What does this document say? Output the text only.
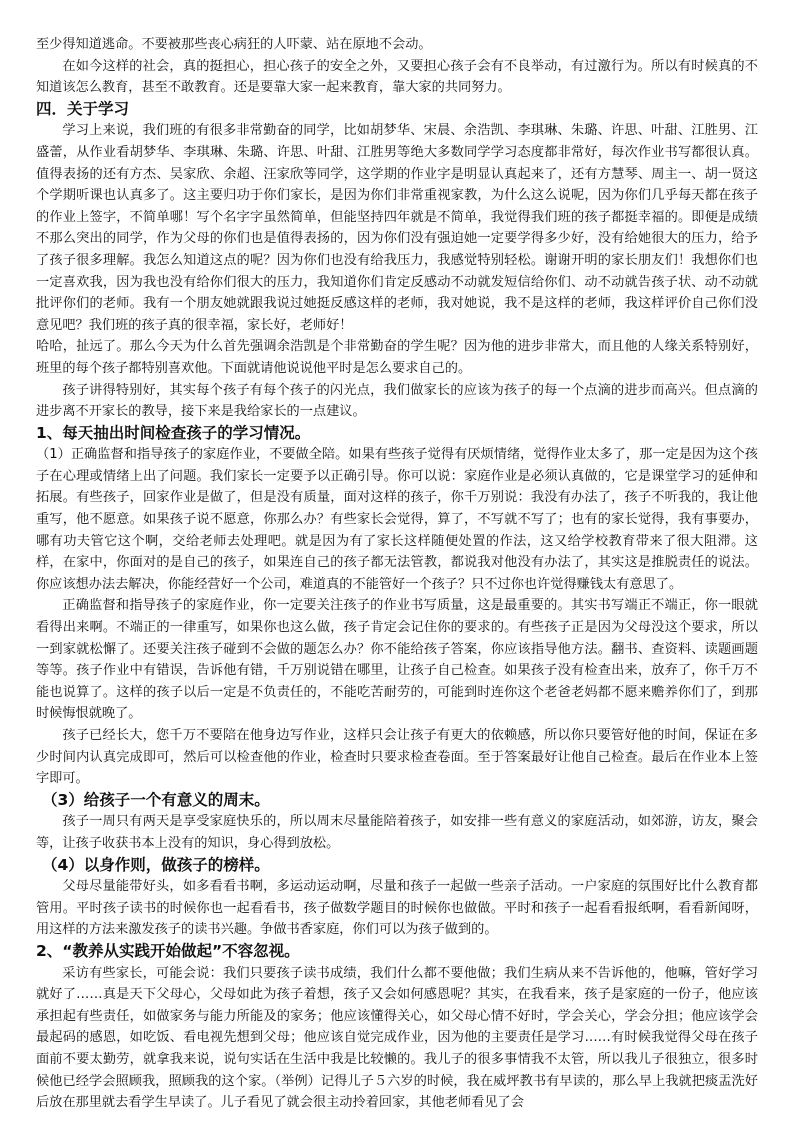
至少得知道逃命。不要被那些丧心病狂的人吓蒙、站在原地不会动。

在如今这样的社会，真的挺担心，担心孩子的安全之外，又要担心孩子会有不良举动，有过激行为。所以有时候真的不知道该怎么教育，甚至不敢教育。还是要靠大家一起来教育，靠大家的共同努力。

四．关于学习

学习上来说，我们班的有很多非常勤奋的同学，比如胡梦华、宋晨、余浩凯、李琪琳、朱璐、许思、叶甜、江胜男、江盛蕾，从作业看胡梦华、李琪琳、朱璐、许思、叶甜、江胜男等绝大多数同学学习态度都非常好，每次作业书写都很认真。值得表扬的还有方杰、吴家欣、余超、汪家欣等同学，这学期的作业字是明显认真起来了，还有方慧琴、周主一、胡一贤这个学期听课也认真多了。这主要归功于你们家长，是因为你们非常重视家教，为什么这么说呢，因为你们几乎每天都在孩子的作业上签字，不简单哪！写个名字字虽然简单，但能坚持四年就是不简单，我觉得我们班的孩子都挺幸福的。即便是成绩不那么突出的同学，作为父母的你们也是值得表扬的，因为你们没有强迫她一定要学得多少好，没有给她很大的压力，给予了孩子很多理解。我怎么知道这点的呢？因为你们也没有给我压力，我感觉特别轻松。谢谢开明的家长朋友们！我想你们也一定喜欢我，因为我也没有给你们很大的压力，我知道你们肯定反感动不动就发短信给你们、动不动就告孩子状、动不动就批评你们的老师。我有一个朋友她就跟我说过她挺反感这样的老师，我对她说，我不是这样的老师，我这样评价自己你们没意见吧？我们班的孩子真的很幸福，家长好，老师好！

哈哈，扯远了。那么今天为什么首先强调余浩凯是个非常勤奋的学生呢？因为他的进步非常大，而且他的人缘关系特别好，班里的每个孩子都特别喜欢他。下面就请他说说他平时是怎么要求自己的。

孩子讲得特别好，其实每个孩子有每个孩子的闪光点，我们做家长的应该为孩子的每一个点滴的进步而高兴。但点滴的进步离不开家长的教导，接下来是我给家长的一点建议。

1、每天抽出时间检查孩子的学习情况。

（1）正确监督和指导孩子的家庭作业，不要做全陪。如果有些孩子觉得有厌烦情绪，觉得作业太多了，那一定是因为这个孩子在心理或情绪上出了问题。我们家长一定要予以正确引导。你可以说：家庭作业是必须认真做的，它是课堂学习的延伸和拓展。有些孩子，回家作业是做了，但是没有质量，面对这样的孩子，你千万别说：我没有办法了，孩子不听我的，我让他重写，他不愿意。如果孩子说不愿意，你那么办？有些家长会觉得，算了，不写就不写了；也有的家长觉得，我有事要办，哪有功夫管它这个啊，交给老师去处理吧。就是因为有了家长这样随便处置的作法，这又给学校教育带来了很大阻滞。这样，在家中，你面对的是自己的孩子，如果连自己的孩子都无法管教，都说我对他没有办法了，其实这是推脱责任的说法。你应该想办法去解决，你能经营好一个公司，难道真的不能管好一个孩子？只不过你也许觉得赚钱太有意思了。

正确监督和指导孩子的家庭作业，你一定要关注孩子的作业书写质量，这是最重要的。其实书写端正不端正，你一眼就看得出来啊。不端正的一律重写，如果你也这么做，孩子肯定会记住你的要求的。有些孩子正是因为父母没这个要求，所以一到家就松懈了。还要关注孩子碰到不会做的题怎么办？你不能给孩子答案，你应该指导他方法。翻书、查资料、读题画题等等。孩子作业中有错误，告诉他有错，千万别说错在哪里，让孩子自己检查。如果孩子没有检查出来，放弃了，你千万不能也说算了。这样的孩子以后一定是不负责任的，不能吃苦耐劳的，可能到时连你这个老爸老妈都不愿来赡养你们了，到那时候悔恨就晚了。

孩子已经长大，您千万不要陪在他身边写作业，这样只会让孩子有更大的依赖感，所以你只要管好他的时间，保证在多少时间内认真完成即可，然后可以检查他的作业，检查时只要求检查卷面。至于答案最好让他自己检查。最后在作业本上签字即可。

（3）给孩子一个有意义的周末。

孩子一周只有两天是享受家庭快乐的，所以周末尽量能陪着孩子，如安排一些有意义的家庭活动，如郊游，访友，聚会等，让孩子收获书本上没有的知识，身心得到放松。

（4）以身作则，做孩子的榜样。

父母尽量能带好头，如多看看书啊，多运动运动啊，尽量和孩子一起做一些亲子活动。一户家庭的氛围好比什么教育都管用。平时孩子读书的时候你也一起看看书，孩子做数学题目的时候你也做做。平时和孩子一起看看报纸啊，看看新闻呀，用这样的方法来激发孩子的读书兴趣。争做书香家庭，你们可以为孩子做到的。

2、“教养从实践开始做起”不容忽视。

采访有些家长，可能会说：我们只要孩子读书成绩，我们什么都不要他做；我们生病从来不告诉他的，他嘛，管好学习就好了……真是天下父母心，父母如此为孩子着想，孩子又会如何感恩呢？其实，在我看来，孩子是家庭的一份子，他应该承担起有些责任，如做家务与能力所能及的家务；他应该懂得关心，如父母心情不好时，学会关心，学会分担；他应该学会最起码的感恩，如吃饭、看电视先想到父母；他应该自觉完成作业，因为他的主要责任是学习……有时候我觉得父母在孩子面前不要太勤劳，就拿我来说，说句实话在生活中我是比较懒的。我儿子的很多事情我不太管，所以我儿子很独立，很多时候他已经学会照顾我，照顾我的这个家。（举例）记得儿子５六岁的时候，我在威坪教书有早读的，那么早上我就把痰盂洗好后放在那里就去看学生早读了。儿子看见了就会很主动拎着回家，其他老师看见了会
